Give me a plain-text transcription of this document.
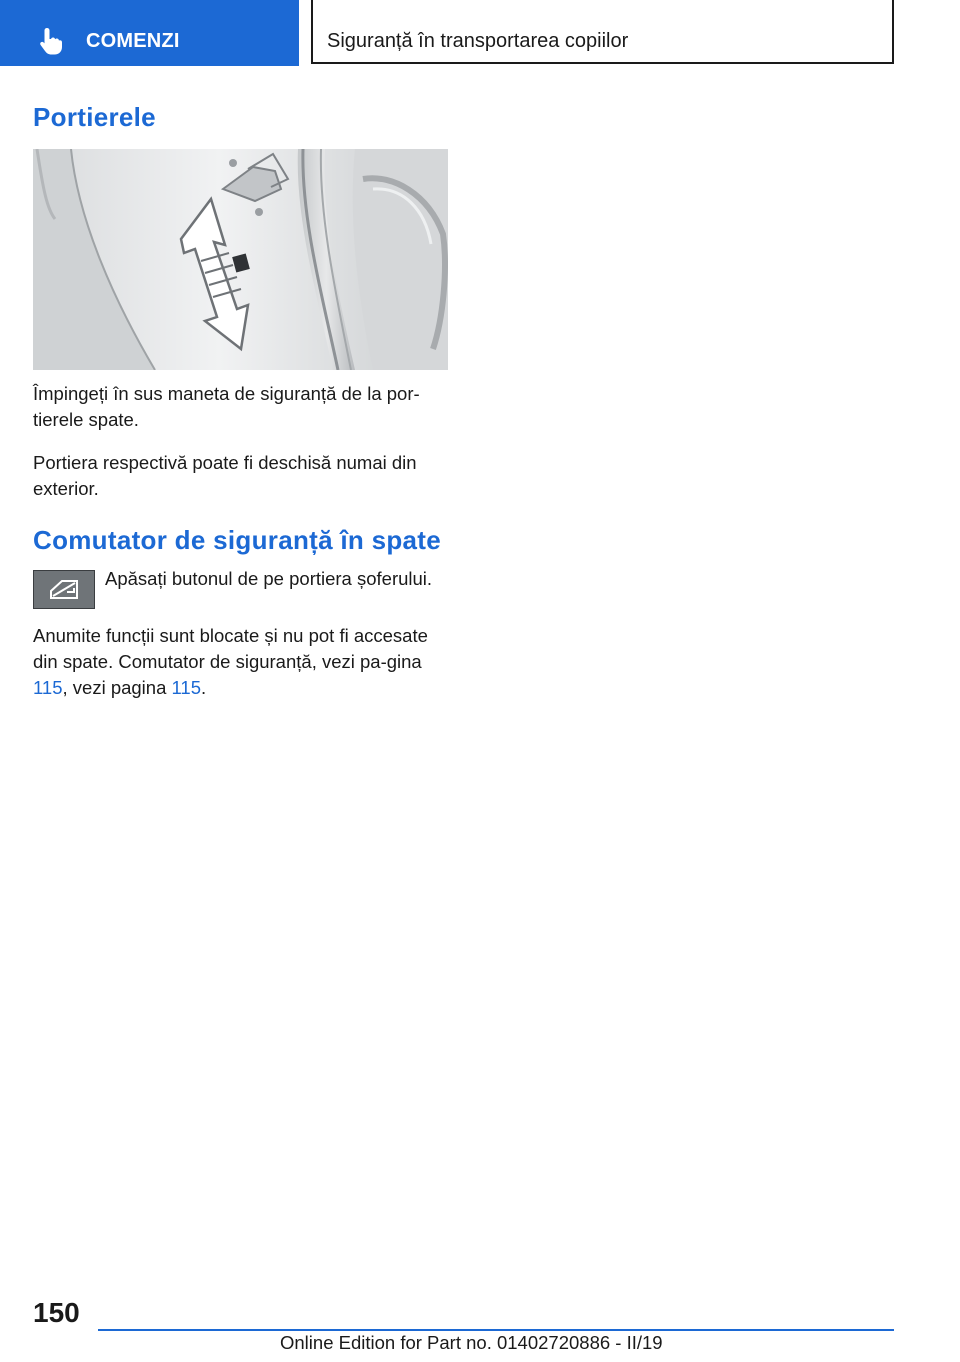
COMENZI	Siguranță în transportarea copiilor
Portierele

Împingeți în sus maneta de siguranță de la por-tierele spate.

Portiera respectivă poate fi deschisă numai din exterior.

Comutator de siguranță în spate

Apăsați butonul de pe portiera șoferului.

Anumite funcții sunt blocate și nu pot fi accesate din spate. Comutator de siguranță, vezi pa-gina 115, vezi pagina 115.

150
Online Edition for Part no. 01402720886 - II/19
